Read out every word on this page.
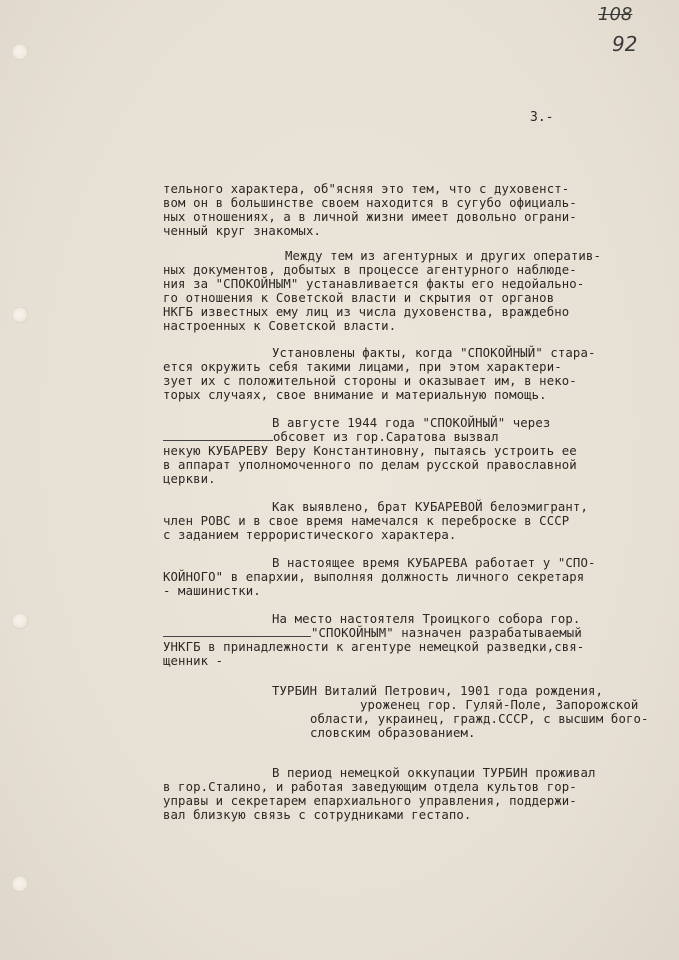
108
92
3.-
тельного характера, об"ясняя это тем, что с духовенст-
вом он в большинстве своем находится в сугубо официаль-
ных отношениях, а в личной жизни имеет довольно ограни-
ченный круг знакомых.
Между тем из агентурных и других оператив-
ных документов, добытых в процессе агентурного наблюде-
ния за "СПОКОЙНЫМ" устанавливается факты его недойально-
го отношения к Советской власти и скрытия от органов
НКГБ известных ему лиц из числа духовенства, враждебно
настроенных к Советской власти.
Установлены факты, когда "СПОКОЙНЫЙ" стара-
ется окружить себя такими лицами, при этом характери-
зует их с положительной стороны и оказывает им, в неко-
торых случаях, свое внимание и материальную помощь.
В августе 1944 года "СПОКОЙНЫЙ" через
обсовет из гор.Саратова вызвал
некую КУБАРЕВУ Веру Константиновну, пытаясь устроить ее
в аппарат уполномоченного по делам русской православной
церкви.
Как выявлено, брат КУБАРЕВОЙ белоэмигрант,
член РОВС и в свое время намечался к переброске в СССР
с заданием террористического характера.
В настоящее время КУБАРЕВА работает у "СПО-
КОЙНОГО" в епархии, выполняя должность личного секретаря
- машинистки.
На место настоятеля Троицкого собора гор.
"СПОКОЙНЫМ" назначен разрабатываемый
УНКГБ в принадлежности к агентуре немецкой разведки,свя-
щенник -
ТУРБИН Виталий Петрович, 1901 года рождения,
уроженец гор. Гуляй-Поле, Запорожской
области, украинец, гражд.СССР, с высшим бого-
словским образованием.
В период немецкой оккупации ТУРБИН проживал
в гор.Сталино, и работая заведующим отдела культов гор-
управы и секретарем епархиального управления, поддержи-
вал близкую связь с сотрудниками гестапо.
